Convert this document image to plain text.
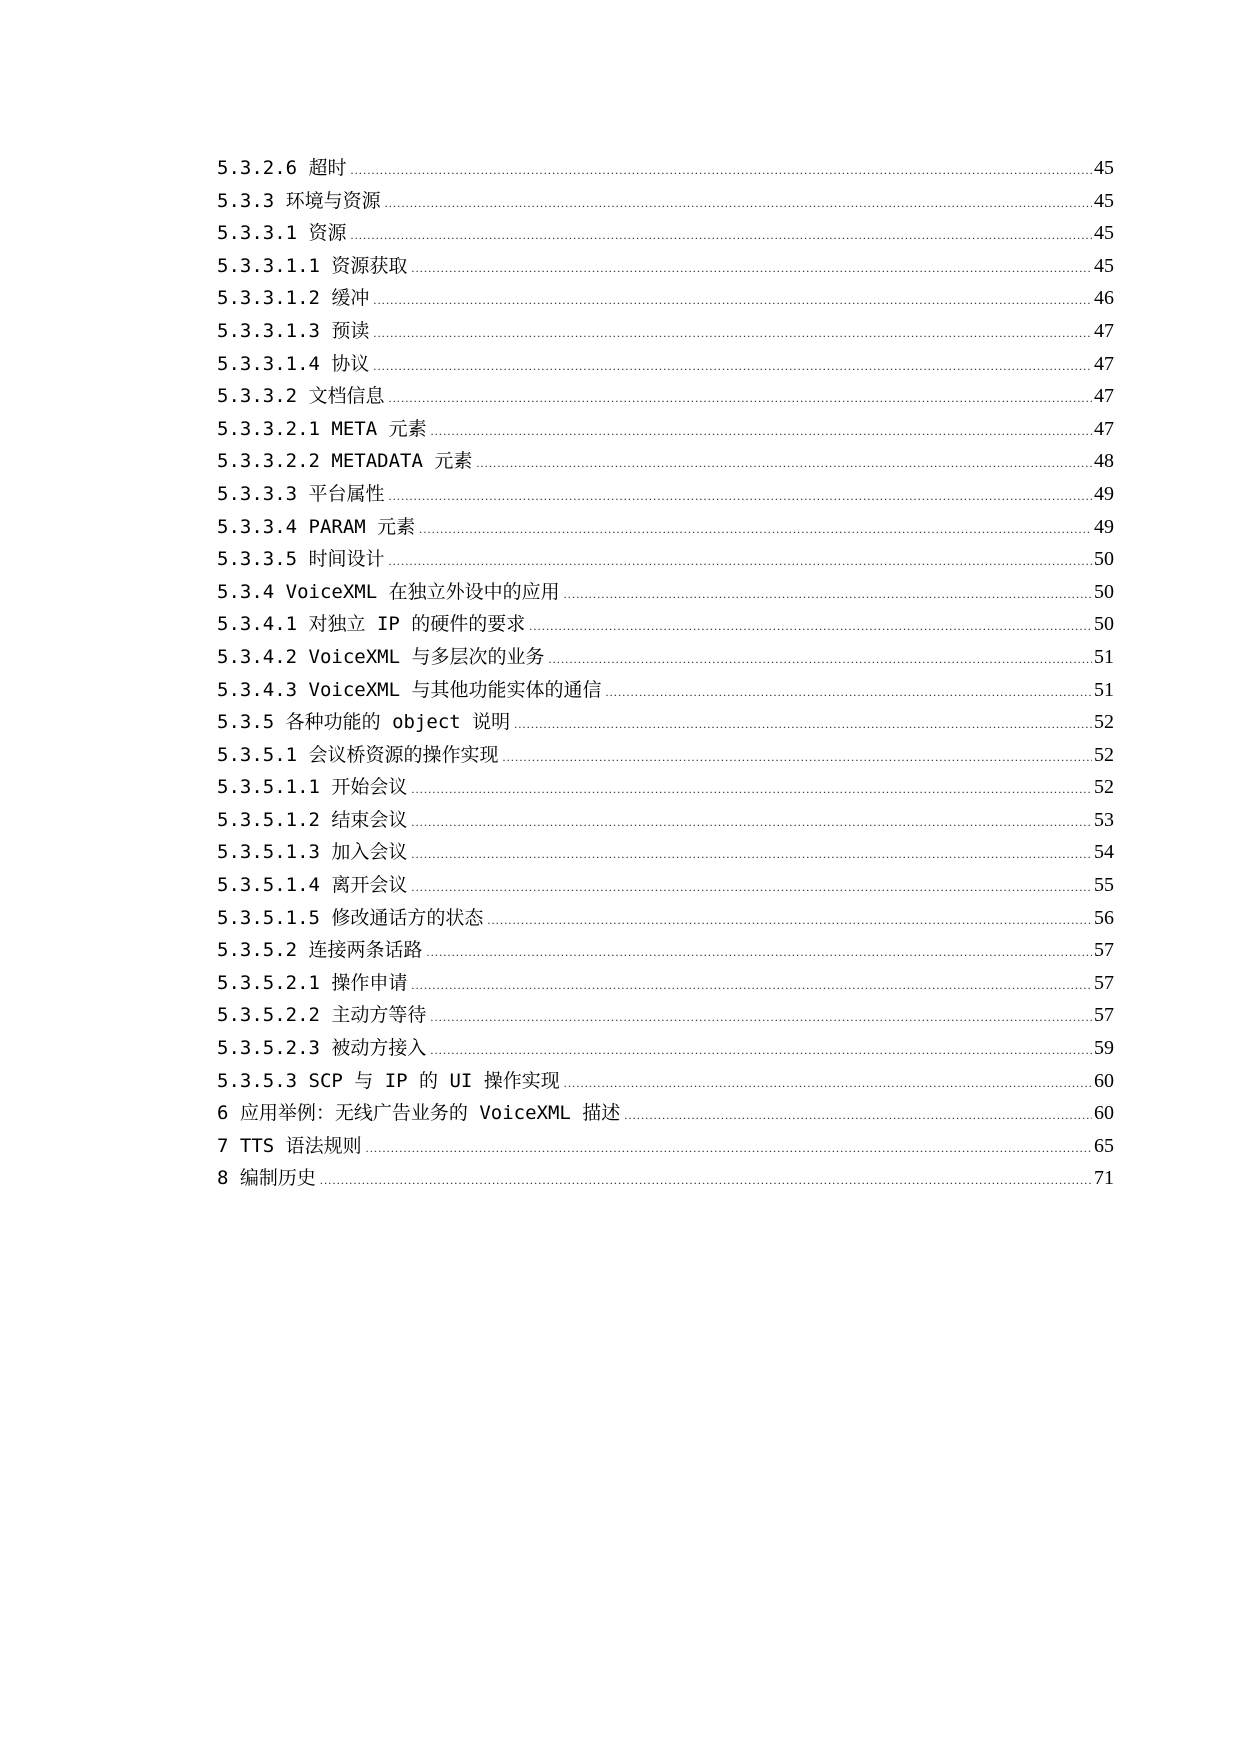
5.3.2.6 超时 .....	45
5.3.3 环境与资源 .....	45
5.3.3.1 资源 .....	45
5.3.3.1.1 资源获取 .....	45
5.3.3.1.2 缓冲 .....	46
5.3.3.1.3 预读 .....	47
5.3.3.1.4 协议 .....	47
5.3.3.2 文档信息 .....	47
5.3.3.2.1 META 元素 .....	47
5.3.3.2.2 METADATA 元素 .....	48
5.3.3.3 平台属性 .....	49
5.3.3.4 PARAM 元素 .....	49
5.3.3.5 时间设计 .....	50
5.3.4 VoiceXML 在独立外设中的应用 .....	50
5.3.4.1 对独立 IP 的硬件的要求 .....	50
5.3.4.2 VoiceXML 与多层次的业务 .....	51
5.3.4.3 VoiceXML 与其他功能实体的通信 .....	51
5.3.5 各种功能的 object 说明 .....	52
5.3.5.1 会议桥资源的操作实现 .....	52
5.3.5.1.1 开始会议 .....	52
5.3.5.1.2 结束会议 .....	53
5.3.5.1.3 加入会议 .....	54
5.3.5.1.4 离开会议 .....	55
5.3.5.1.5 修改通话方的状态 .....	56
5.3.5.2 连接两条话路 .....	57
5.3.5.2.1 操作申请 .....	57
5.3.5.2.2 主动方等待 .....	57
5.3.5.2.3 被动方接入 .....	59
5.3.5.3 SCP 与 IP 的 UI 操作实现 .....	60
6 应用举例：无线广告业务的 VoiceXML 描述 .....	60
7 TTS 语法规则 .....	65
8 编制历史 .....	71
